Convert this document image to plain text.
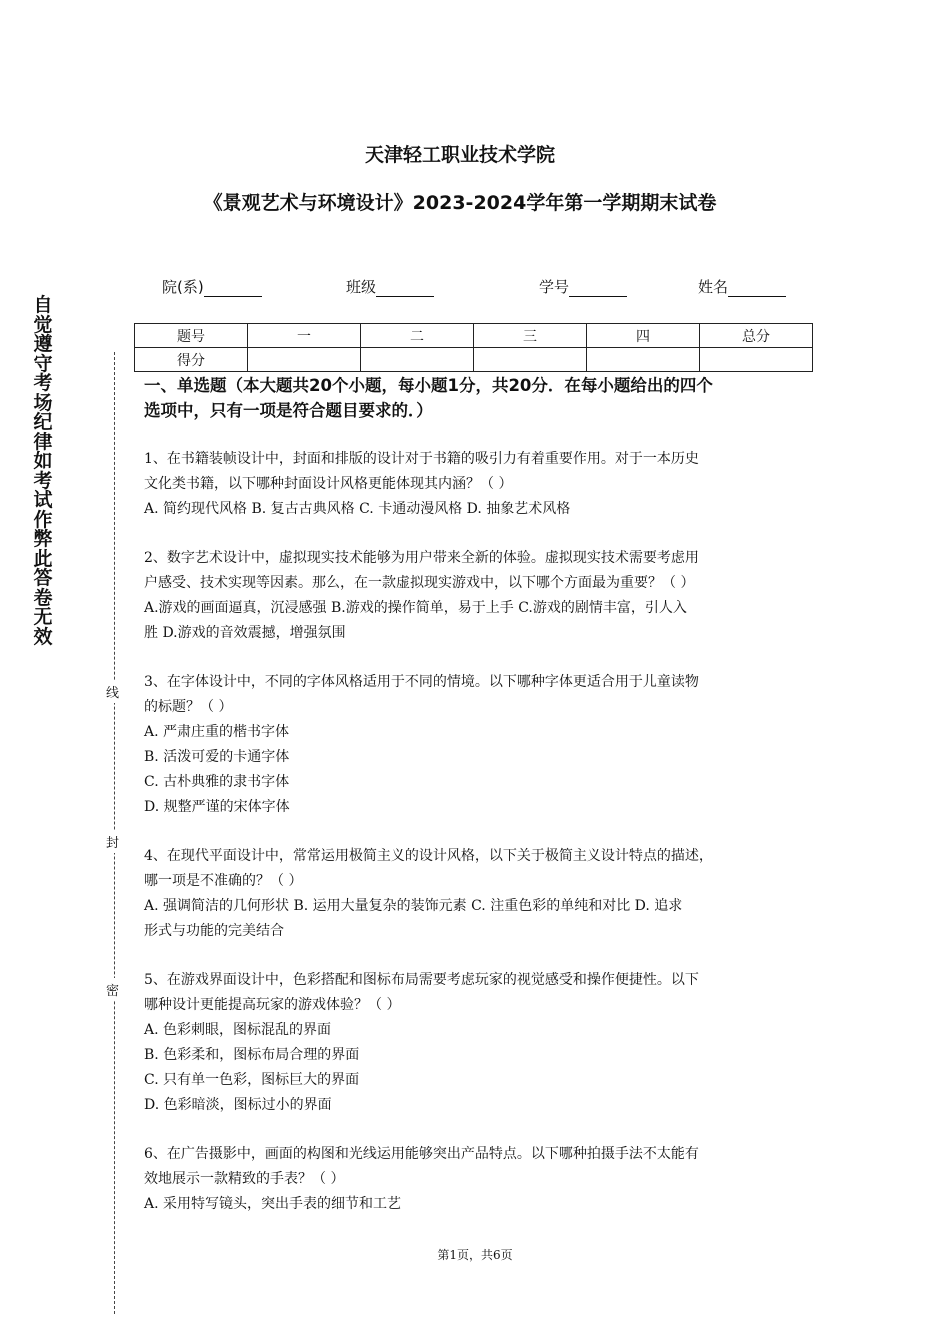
天津轻工职业技术学院
《景观艺术与环境设计》2023-2024学年第一学期期末试卷
院(系)	班级	学号	姓名
题号	一	二	三	四	总分
得分					
自觉遵守考场纪律如考试作弊此答卷无效
线
封
密
一、单选题（本大题共20个小题，每小题1分，共20分．在每小题给出的四个
选项中，只有一项是符合题目要求的．）

1、在书籍装帧设计中，封面和排版的设计对于书籍的吸引力有着重要作用。对于一本历史

文化类书籍，以下哪种封面设计风格更能体现其内涵？（ ）

A. 简约现代风格 B. 复古古典风格 C. 卡通动漫风格 D. 抽象艺术风格

2、数字艺术设计中，虚拟现实技术能够为用户带来全新的体验。虚拟现实技术需要考虑用

户感受、技术实现等因素。那么，在一款虚拟现实游戏中，以下哪个方面最为重要？（ ）

A.游戏的画面逼真，沉浸感强 B.游戏的操作简单，易于上手 C.游戏的剧情丰富，引人入

胜 D.游戏的音效震撼，增强氛围

3、在字体设计中，不同的字体风格适用于不同的情境。以下哪种字体更适合用于儿童读物

的标题？（ ）

A. 严肃庄重的楷书字体

B. 活泼可爱的卡通字体

C. 古朴典雅的隶书字体

D. 规整严谨的宋体字体

4、在现代平面设计中，常常运用极简主义的设计风格，以下关于极简主义设计特点的描述，

哪一项是不准确的？（ ）

A. 强调简洁的几何形状 B. 运用大量复杂的装饰元素 C. 注重色彩的单纯和对比 D. 追求

形式与功能的完美结合

5、在游戏界面设计中，色彩搭配和图标布局需要考虑玩家的视觉感受和操作便捷性。以下

哪种设计更能提高玩家的游戏体验？（ ）

A. 色彩刺眼，图标混乱的界面

B. 色彩柔和，图标布局合理的界面

C. 只有单一色彩，图标巨大的界面

D. 色彩暗淡，图标过小的界面

6、在广告摄影中，画面的构图和光线运用能够突出产品特点。以下哪种拍摄手法不太能有

效地展示一款精致的手表？（ ）

A. 采用特写镜头，突出手表的细节和工艺

第1页，共6页
